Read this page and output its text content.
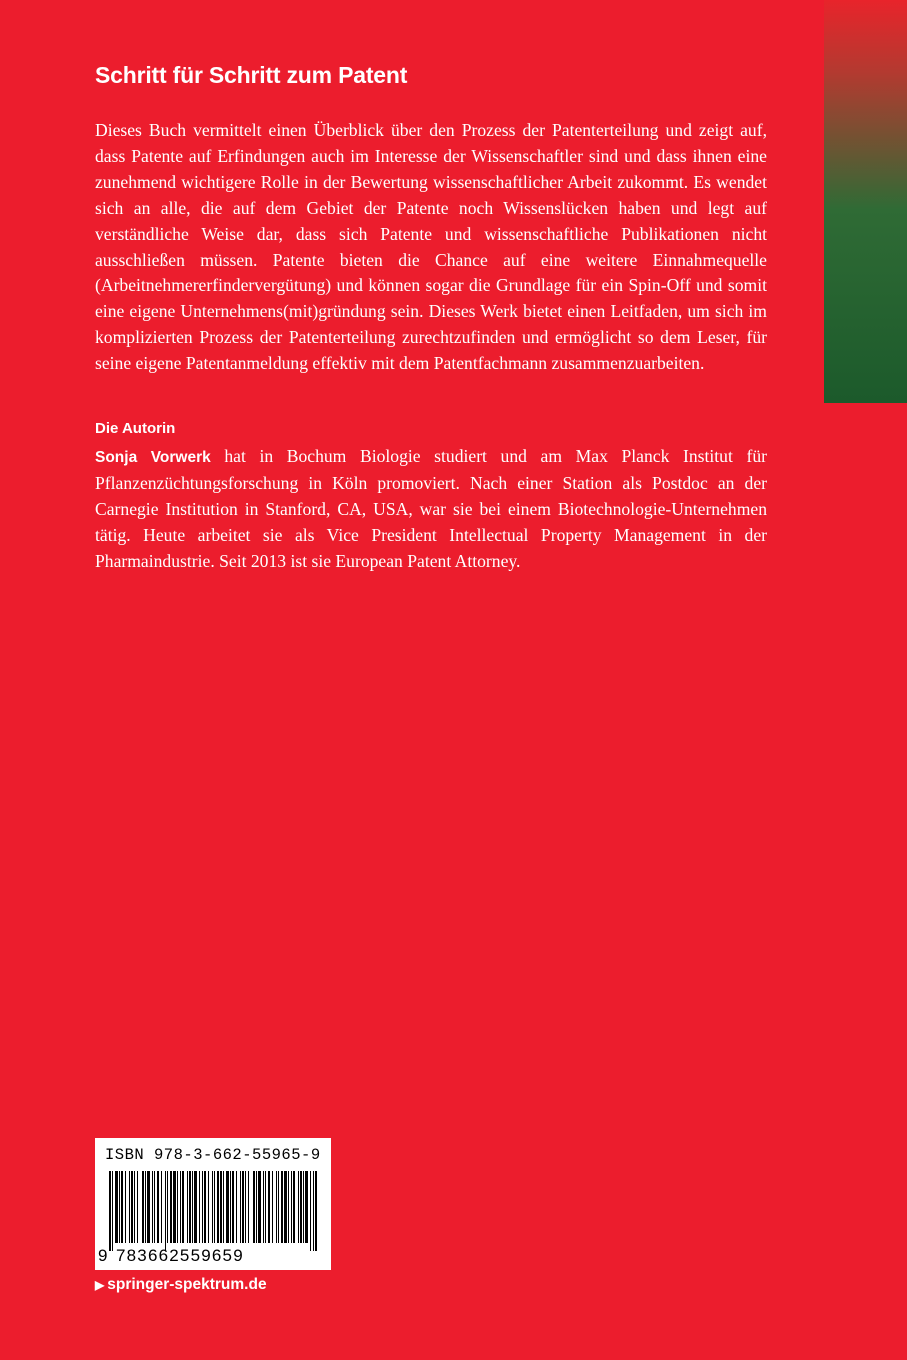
Schritt für Schritt zum Patent

Dieses Buch vermittelt einen Überblick über den Prozess der Patenterteilung und zeigt auf, dass Patente auf Erfindungen auch im Interesse der Wissenschaftler sind und dass ihnen eine zunehmend wichtigere Rolle in der Bewertung wissenschaftlicher Arbeit zukommt. Es wendet sich an alle, die auf dem Gebiet der Patente noch Wissenslücken haben und legt auf verständliche Weise dar, dass sich Patente und wissenschaftliche Publikationen nicht ausschließen müssen. Patente bieten die Chance auf eine weitere Einnahmequelle (Arbeitnehmererfindervergütung) und können sogar die Grundlage für ein Spin-Off und somit eine eigene Unternehmens(mit)gründung sein. Dieses Werk bietet einen Leitfaden, um sich im komplizierten Prozess der Patenterteilung zurechtzufinden und ermöglicht so dem Leser, für seine eigene Patentanmeldung effektiv mit dem Patentfachmann zusammenzuarbeiten.

Die Autorin

Sonja Vorwerk hat in Bochum Biologie studiert und am Max Planck Institut für Pflanzenzüchtungsforschung in Köln promoviert. Nach einer Station als Postdoc an der Carnegie Institution in Stanford, CA, USA, war sie bei einem Biotechnologie-Unternehmen tätig. Heute arbeitet sie als Vice President Intellectual Property Management in der Pharmaindustrie. Seit 2013 ist sie European Patent Attorney.

ISBN 978-3-662-55965-9
9 783662559659
▶ springer-spektrum.de
